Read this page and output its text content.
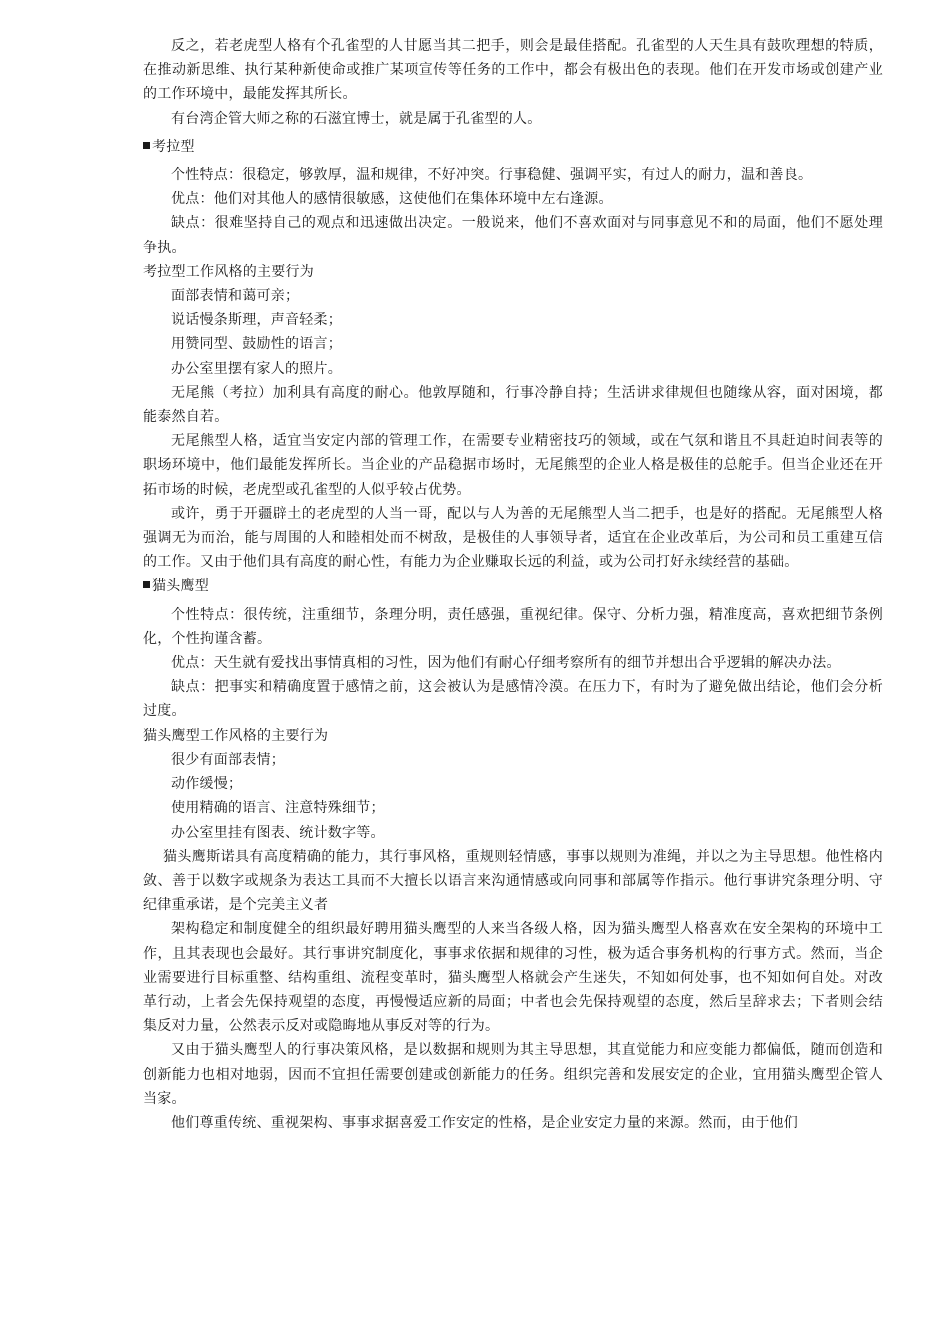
反之，若老虎型人格有个孔雀型的人甘愿当其二把手，则会是最佳搭配。孔雀型的人天生具有鼓吹理想的特质，在推动新思维、执行某种新使命或推广某项宣传等任务的工作中，都会有极出色的表现。他们在开发市场或创建产业的工作环境中，最能发挥其所长。

有台湾企管大师之称的石滋宜博士，就是属于孔雀型的人。

考拉型

个性特点：很稳定，够敦厚，温和规律，不好冲突。行事稳健、强调平实，有过人的耐力，温和善良。

优点：他们对其他人的感情很敏感，这使他们在集体环境中左右逢源。

缺点：很难坚持自己的观点和迅速做出决定。一般说来，他们不喜欢面对与同事意见不和的局面，他们不愿处理争执。

考拉型工作风格的主要行为

面部表情和蔼可亲；

说话慢条斯理，声音轻柔；

用赞同型、鼓励性的语言；

办公室里摆有家人的照片。

无尾熊（考拉）加利具有高度的耐心。他敦厚随和，行事冷静自持；生活讲求律规但也随缘从容，面对困境，都能泰然自若。

无尾熊型人格，适宜当安定内部的管理工作，在需要专业精密技巧的领域，或在气氛和谐且不具赶迫时间表等的职场环境中，他们最能发挥所长。当企业的产品稳据市场时，无尾熊型的企业人格是极佳的总舵手。但当企业还在开拓市场的时候，老虎型或孔雀型的人似乎较占优势。

或许，勇于开疆辟土的老虎型的人当一哥，配以与人为善的无尾熊型人当二把手，也是好的搭配。无尾熊型人格强调无为而治，能与周围的人和睦相处而不树敌，是极佳的人事领导者，适宜在企业改革后，为公司和员工重建互信的工作。又由于他们具有高度的耐心性，有能力为企业赚取长远的利益，或为公司打好永续经营的基础。

猫头鹰型

个性特点：很传统，注重细节，条理分明，责任感强，重视纪律。保守、分析力强，精准度高，喜欢把细节条例化，个性拘谨含蓄。

优点：天生就有爱找出事情真相的习性，因为他们有耐心仔细考察所有的细节并想出合乎逻辑的解决办法。

缺点：把事实和精确度置于感情之前，这会被认为是感情冷漠。在压力下，有时为了避免做出结论，他们会分析过度。

猫头鹰型工作风格的主要行为

很少有面部表情；

动作缓慢；

使用精确的语言、注意特殊细节；

办公室里挂有图表、统计数字等。

猫头鹰斯诺具有高度精确的能力，其行事风格，重规则轻情感，事事以规则为准绳，并以之为主导思想。他性格内敛、善于以数字或规条为表达工具而不大擅长以语言来沟通情感或向同事和部属等作指示。他行事讲究条理分明、守纪律重承诺，是个完美主义者

架构稳定和制度健全的组织最好聘用猫头鹰型的人来当各级人格，因为猫头鹰型人格喜欢在安全架构的环境中工作，且其表现也会最好。其行事讲究制度化，事事求依据和规律的习性，极为适合事务机构的行事方式。然而，当企业需要进行目标重整、结构重组、流程变革时，猫头鹰型人格就会产生迷失，不知如何处事，也不知如何自处。对改革行动，上者会先保持观望的态度，再慢慢适应新的局面；中者也会先保持观望的态度，然后呈辞求去；下者则会结集反对力量，公然表示反对或隐晦地从事反对等的行为。

又由于猫头鹰型人的行事决策风格，是以数据和规则为其主导思想，其直觉能力和应变能力都偏低，随而创造和创新能力也相对地弱，因而不宜担任需要创建或创新能力的任务。组织完善和发展安定的企业，宜用猫头鹰型企管人当家。

他们尊重传统、重视架构、事事求据喜爱工作安定的性格，是企业安定力量的来源。然而，由于他们
